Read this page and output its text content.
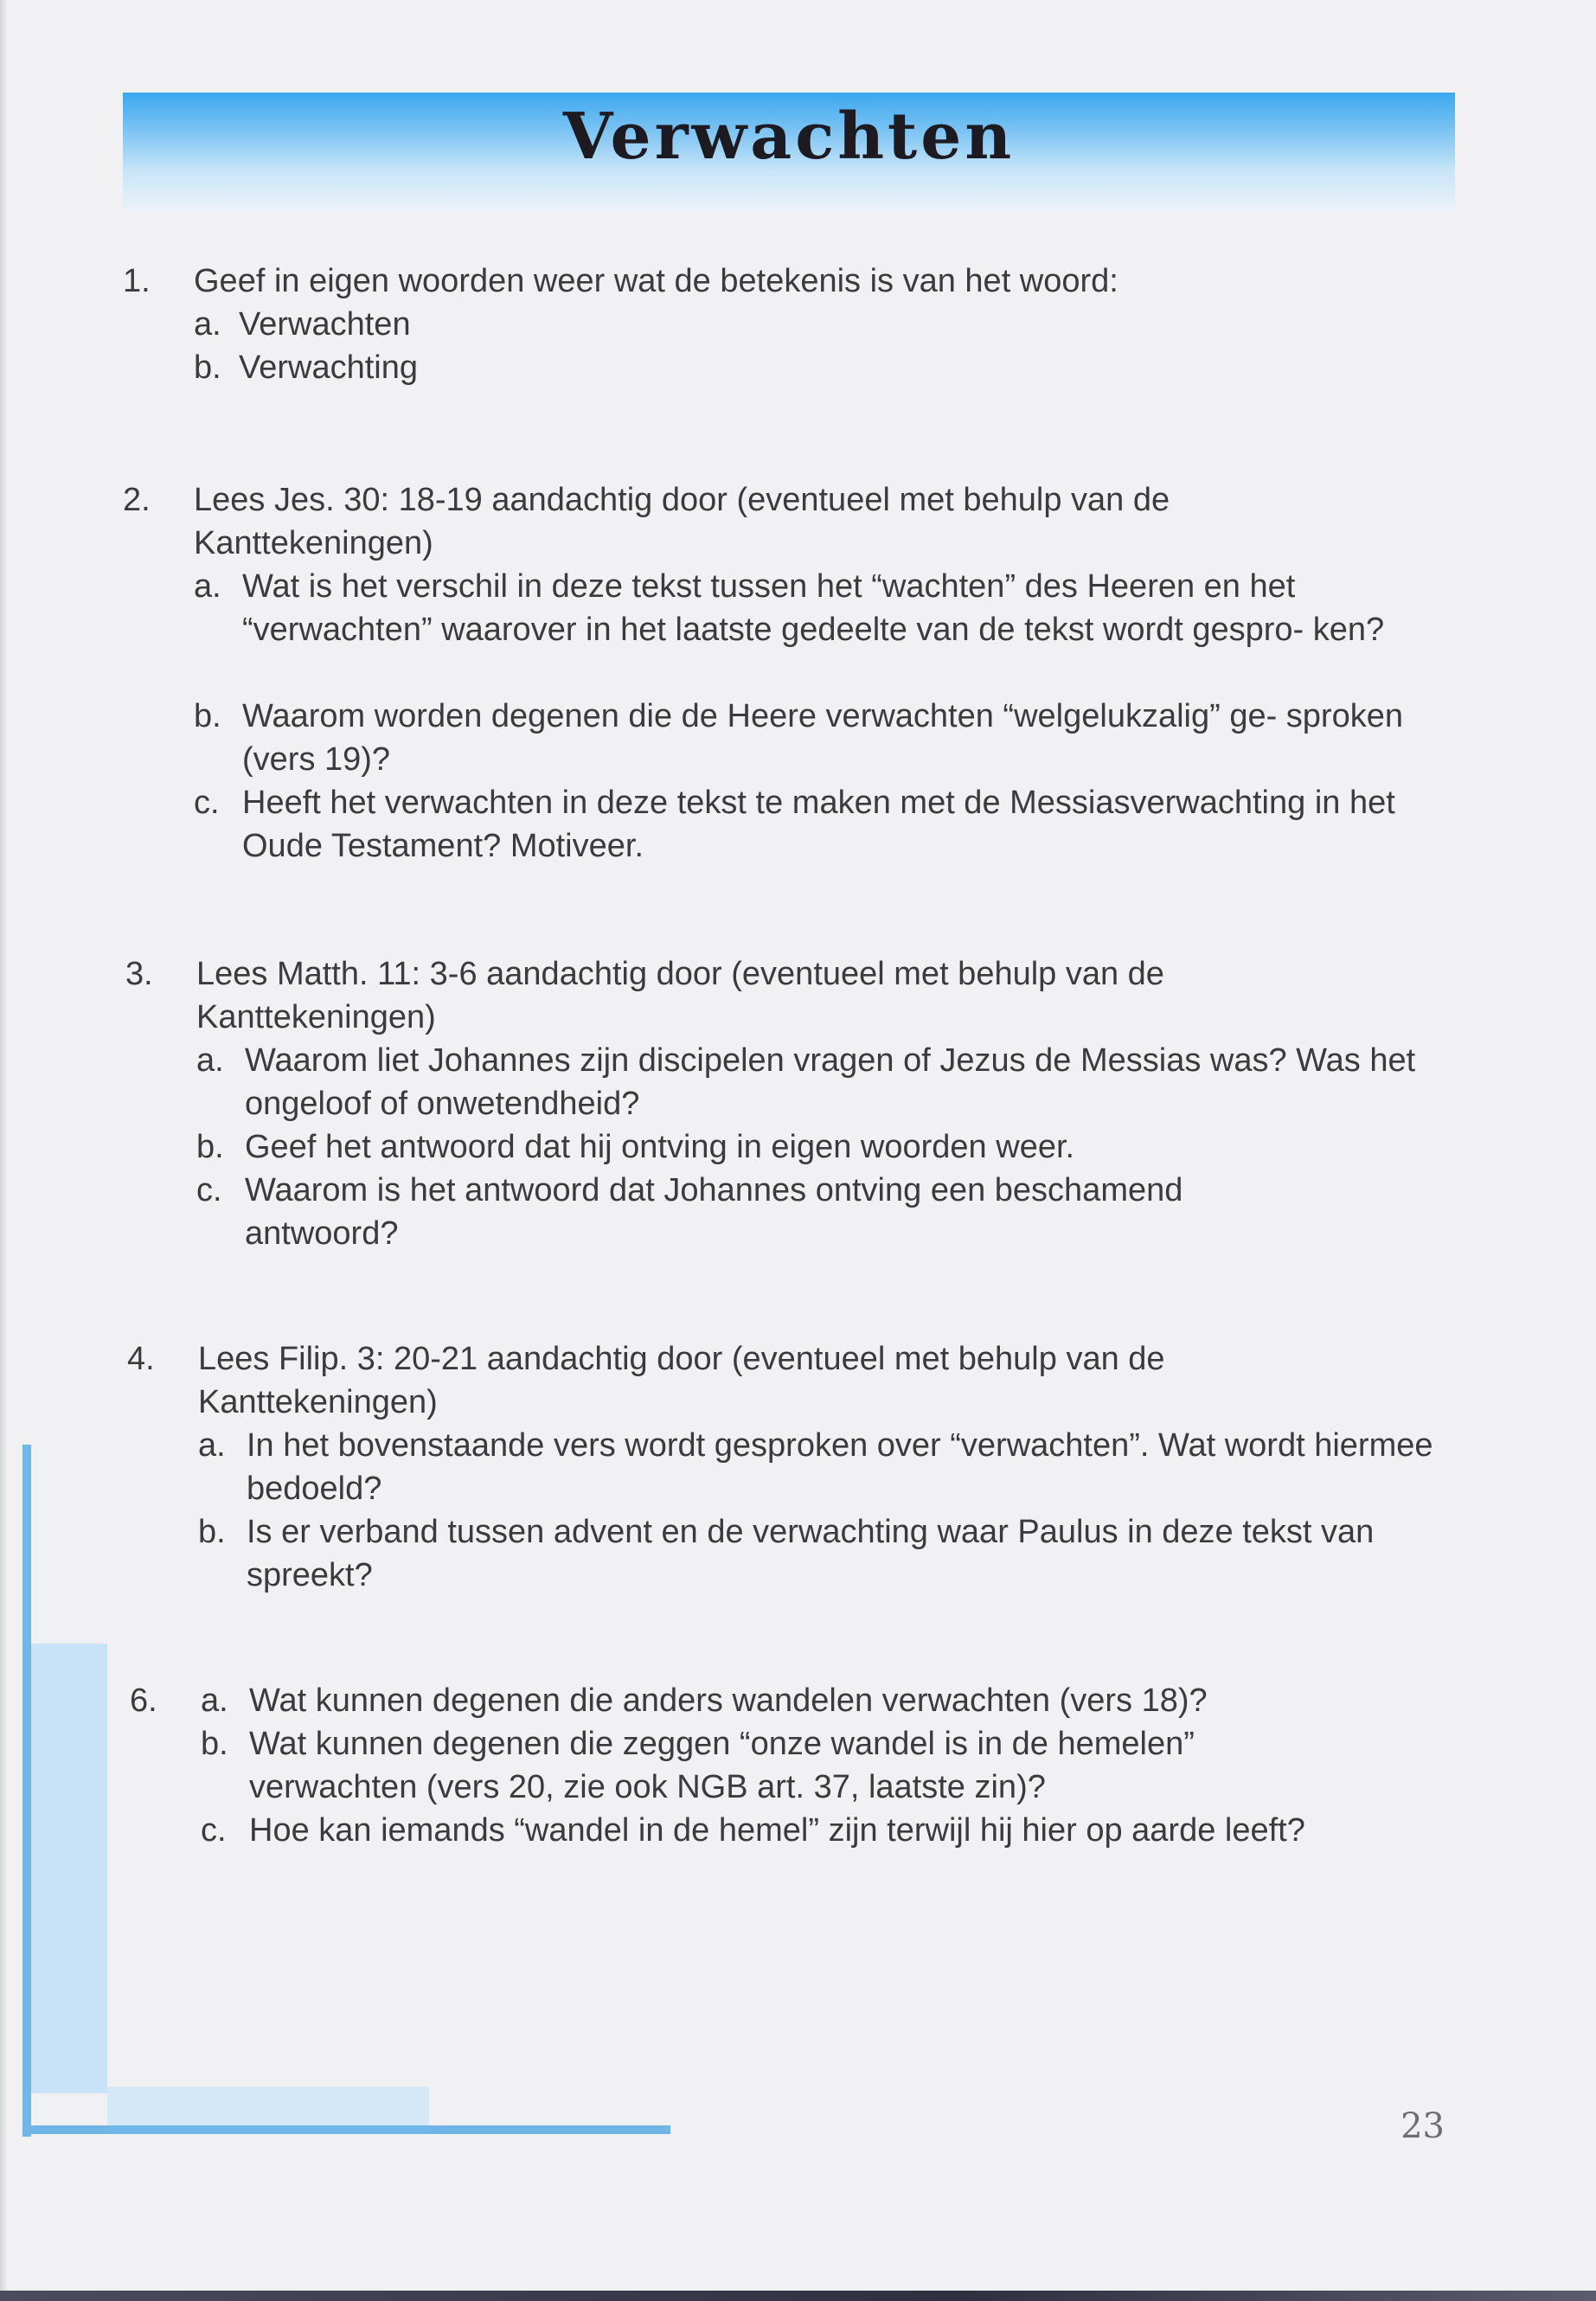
Verwachten
1. Geef in eigen woorden weer wat de betekenis is van het woord:
a. Verwachten
b. Verwachting
2. Lees Jes. 30: 18-19 aandachtig door (eventueel met behulp van de Kanttekeningen)
a. Wat is het verschil in deze tekst tussen het “wachten” des Heeren en het “verwachten” waarover in het laatste gedeelte van de tekst wordt gespro- ken?
b. Waarom worden degenen die de Heere verwachten “welgelukzalig” ge- sproken (vers 19)?
c. Heeft het verwachten in deze tekst te maken met de Messiasverwachting in het Oude Testament? Motiveer.
3. Lees Matth. 11: 3-6 aandachtig door (eventueel met behulp van de Kanttekeningen)
a. Waarom liet Johannes zijn discipelen vragen of Jezus de Messias was? Was het ongeloof of onwetendheid?
b. Geef het antwoord dat hij ontving in eigen woorden weer.
c. Waarom is het antwoord dat Johannes ontving een beschamend antwoord?
4. Lees Filip. 3: 20-21 aandachtig door (eventueel met behulp van de Kanttekeningen)
a. In het bovenstaande vers wordt gesproken over “verwachten”. Wat wordt hiermee bedoeld?
b. Is er verband tussen advent en de verwachting waar Paulus in deze tekst van spreekt?
6. a. Wat kunnen degenen die anders wandelen verwachten (vers 18)?
b. Wat kunnen degenen die zeggen “onze wandel is in de hemelen” verwachten (vers 20, zie ook NGB art. 37, laatste zin)?
c. Hoe kan iemands “wandel in de hemel” zijn terwijl hij hier op aarde leeft?
23
